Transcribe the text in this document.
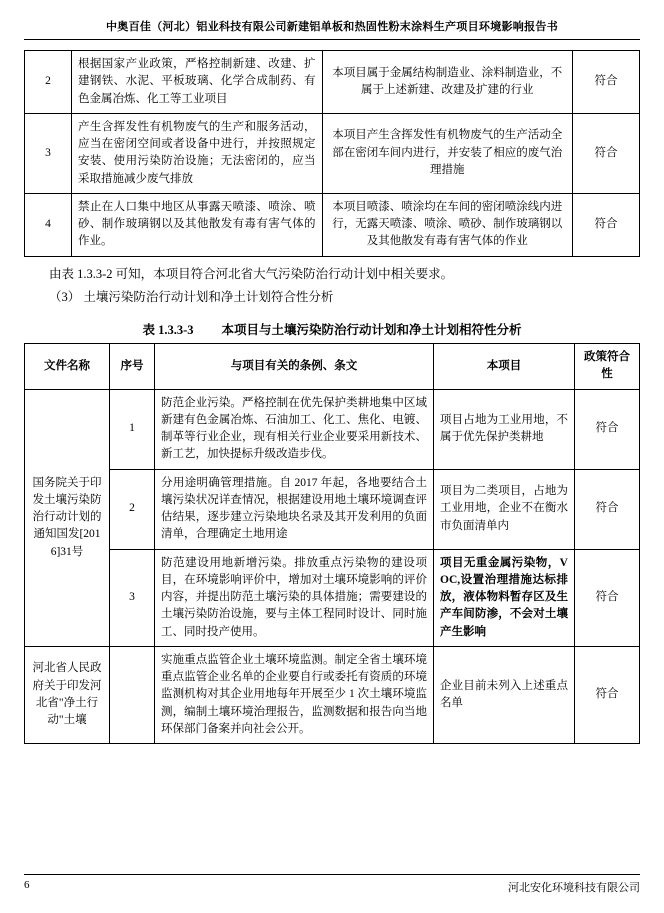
中奥百佳（河北）铝业科技有限公司新建铝单板和热固性粉末涂料生产项目环境影响报告书
2	根据国家产业政策，严格控制新建、改建、扩建钢铁、水泥、平板玻璃、化学合成制药、有色金属冶炼、化工等工业项目	本项目属于金属结构制造业、涂料制造业，不属于上述新建、改建及扩建的行业	符合
3	产生含挥发性有机物废气的生产和服务活动，应当在密闭空间或者设备中进行，并按照规定安装、使用污染防治设施；无法密闭的，应当采取措施减少废气排放	本项目产生含挥发性有机物废气的生产活动全部在密闭车间内进行，并安装了相应的废气治理措施	符合
4	禁止在人口集中地区从事露天喷漆、喷涂、喷砂、制作玻璃钢以及其他散发有毒有害气体的作业。	本项目喷漆、喷涂均在车间的密闭喷涂线内进行，无露天喷漆、喷涂、喷砂、制作玻璃钢以及其他散发有毒有害气体的作业	符合

由表 1.3.3-2 可知，本项目符合河北省大气污染防治行动计划中相关要求。

（3） 土壤污染防治行动计划和净土计划符合性分析

表 1.3.3-3 本项目与土壤污染防治行动计划和净土计划相符性分析
文件名称	序号	与项目有关的条例、条文	本项目	政策符合性
国务院关于印发土壤污染防治行动计划的通知国发[2016]31号	1	防范企业污染。严格控制在优先保护类耕地集中区域新建有色金属冶炼、石油加工、化工、焦化、电镀、制革等行业企业，现有相关行业企业要采用新技术、新工艺，加快提标升级改造步伐。	项目占地为工业用地，不属于优先保护类耕地	符合
	2	分用途明确管理措施。自 2017 年起，各地要结合土壤污染状况详查情况，根据建设用地土壤环境调查评估结果，逐步建立污染地块名录及其开发利用的负面清单，合理确定土地用途	项目为二类项目，占地为工业用地，企业不在衡水市负面清单内	符合
	3	防范建设用地新增污染。排放重点污染物的建设项目，在环境影响评价中，增加对土壤环境影响的评价内容，并提出防范土壤污染的具体措施；需要建设的土壤污染防治设施，要与主体工程同时设计、同时施工、同时投产使用。	项目无重金属污染物，VOC,设置治理措施达标排放，液体物料暂存区及生产车间防渗，不会对土壤产生影响	符合
河北省人民政府关于印发河北省"净土行动"土壤		实施重点监管企业土壤环境监测。制定全省土壤环境重点监管企业名单的企业要自行或委托有资质的环境监测机构对其企业用地每年开展至少 1 次土壤环境监测，编制土壤环境治理报告，监测数据和报告向当地环保部门备案并向社会公开。	企业目前未列入上述重点名单	符合
6	河北安化环境科技有限公司
